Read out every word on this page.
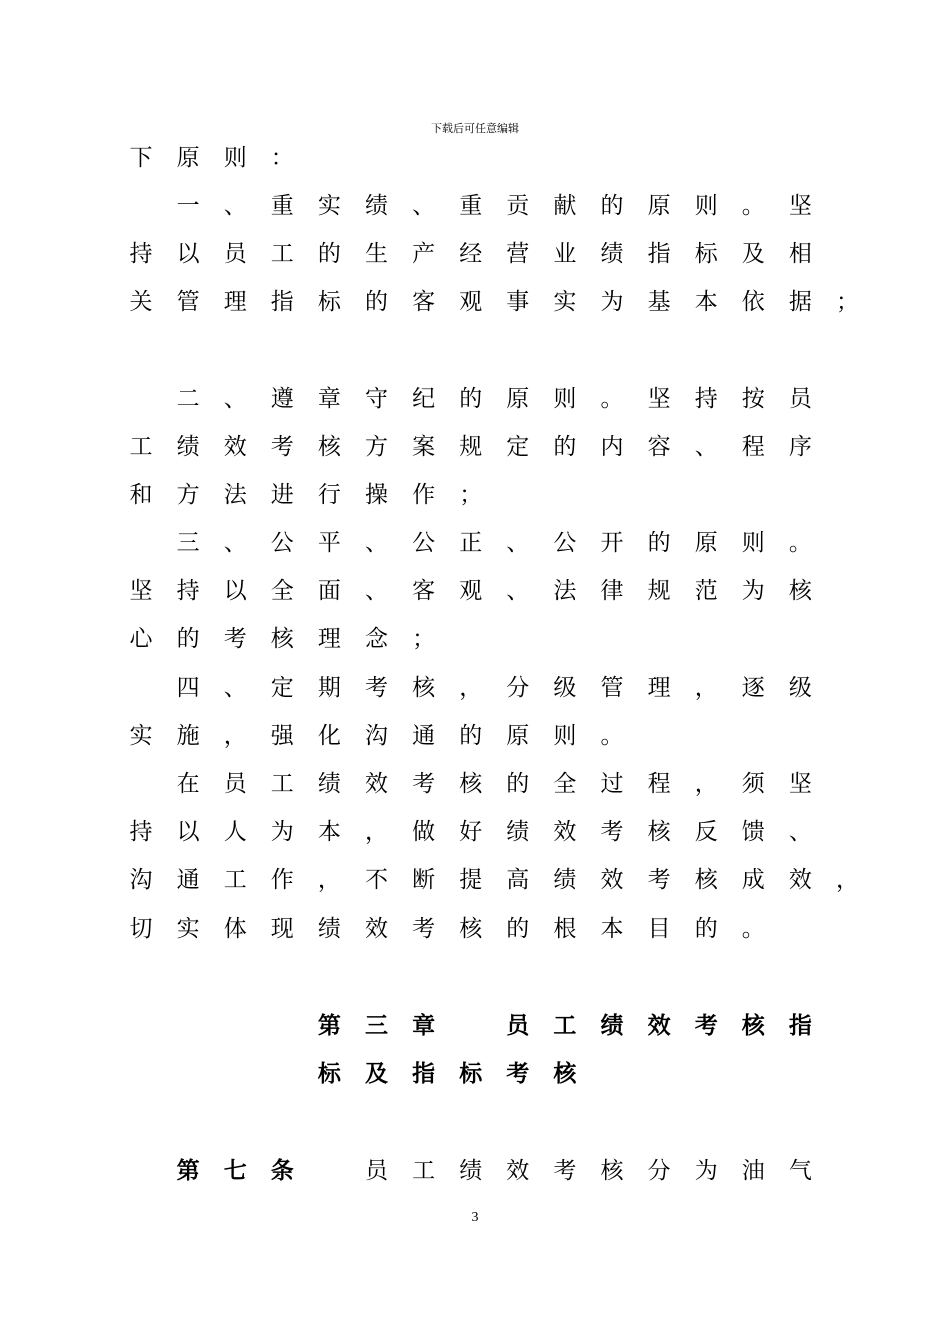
下载后可任意编辑
下 原 则 ：
一 、 重 实 绩 、 重 贡 献 的 原 则 。 坚
持 以 员 工 的 生 产 经 营 业 绩 指 标 及 相
关 管 理 指 标 的 客 观 事 实 为 基 本 依 据 ；
二 、 遵 章 守 纪 的 原 则 。 坚 持 按 员
工 绩 效 考 核 方 案 规 定 的 内 容 、 程 序
和 方 法 进 行 操 作 ；
三 、 公 平 、 公 正 、 公 开 的 原 则 。
坚 持 以 全 面 、 客 观 、 法 律 规 范 为 核
心 的 考 核 理 念 ；
四 、 定 期 考 核 ， 分 级 管 理 ， 逐 级
实 施 ， 强 化 沟 通 的 原 则 。
在 员 工 绩 效 考 核 的 全 过 程 ， 须 坚
持 以 人 为 本 ， 做 好 绩 效 考 核 反 馈 、
沟 通 工 作 ， 不 断 提 高 绩 效 考 核 成 效 ，
切 实 体 现 绩 效 考 核 的 根 本 目 的 。
第 三 章
　	员 工 绩 效 考 核 指
标 及 指 标 考 核
第 七 条	员 工 绩 效 考 核 分 为 油 气
3
